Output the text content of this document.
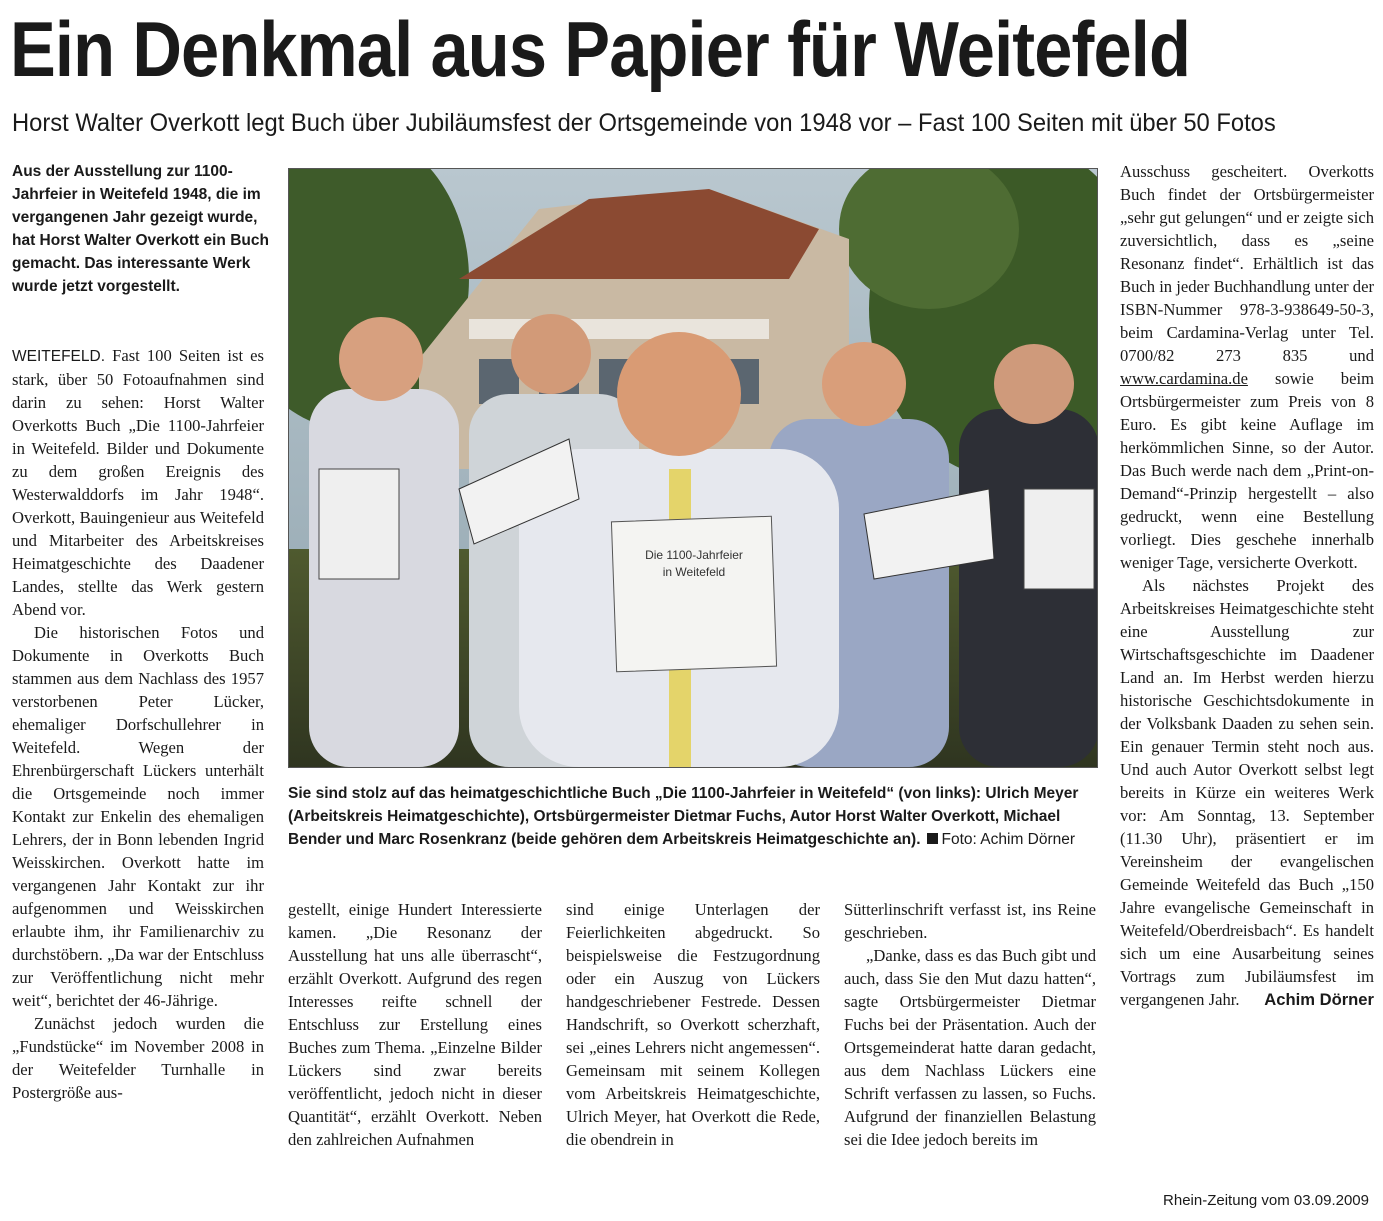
Ein Denkmal aus Papier für Weitefeld
Horst Walter Overkott legt Buch über Jubiläumsfest der Ortsgemeinde von 1948 vor – Fast 100 Seiten mit über 50 Fotos
Aus der Ausstellung zur 1100-Jahrfeier in Weitefeld 1948, die im vergangenen Jahr gezeigt wurde, hat Horst Walter Overkott ein Buch gemacht. Das interessante Werk wurde jetzt vorgestellt.

WEITEFELD. Fast 100 Seiten ist es stark, über 50 Fotoaufnahmen sind darin zu sehen: Horst Walter Overkotts Buch „Die 1100-Jahrfeier in Weitefeld. Bilder und Dokumente zu dem großen Ereignis des Westerwalddorfs im Jahr 1948“. Overkott, Bauingenieur aus Weitefeld und Mitarbeiter des Arbeitskreises Heimatgeschichte des Daadener Landes, stellte das Werk gestern Abend vor.

Die historischen Fotos und Dokumente in Overkotts Buch stammen aus dem Nachlass des 1957 verstorbenen Peter Lücker, ehemaliger Dorfschullehrer in Weitefeld. Wegen der Ehrenbürgerschaft Lückers unterhält die Ortsgemeinde noch immer Kontakt zur Enkelin des ehemaligen Lehrers, der in Bonn lebenden Ingrid Weisskirchen. Overkott hatte im vergangenen Jahr Kontakt zur ihr aufgenommen und Weisskirchen erlaubte ihm, ihr Familienarchiv zu durchstöbern. „Da war der Entschluss zur Veröffentlichung nicht mehr weit“, berichtet der 46-Jährige.

Zunächst jedoch wurden die „Fundstücke“ im November 2008 in der Weitefelder Turnhalle in Postergröße aus-

Die 1100-Jahrfeier
in Weitefeld
Sie sind stolz auf das heimatgeschichtliche Buch „Die 1100-Jahrfeier in Weitefeld“ (von links): Ulrich Meyer (Arbeitskreis Heimatgeschichte), Ortsbürgermeister Dietmar Fuchs, Autor Horst Walter Overkott, Michael Bender und Marc Rosenkranz (beide gehören dem Arbeitskreis Heimatgeschichte an). Foto: Achim Dörner

gestellt, einige Hundert Interessierte kamen. „Die Resonanz der Ausstellung hat uns alle überrascht“, erzählt Overkott. Aufgrund des regen Interesses reifte schnell der Entschluss zur Erstellung eines Buches zum Thema. „Einzelne Bilder Lückers sind zwar bereits veröffentlicht, jedoch nicht in dieser Quantität“, erzählt Overkott. Neben den zahlreichen Aufnahmen

sind einige Unterlagen der Feierlichkeiten abgedruckt. So beispielsweise die Festzugordnung oder ein Auszug von Lückers handgeschriebener Festrede. Dessen Handschrift, so Overkott scherzhaft, sei „eines Lehrers nicht angemessen“. Gemeinsam mit seinem Kollegen vom Arbeitskreis Heimatgeschichte, Ulrich Meyer, hat Overkott die Rede, die obendrein in

Sütterlinschrift verfasst ist, ins Reine geschrieben.

„Danke, dass es das Buch gibt und auch, dass Sie den Mut dazu hatten“, sagte Ortsbürgermeister Dietmar Fuchs bei der Präsentation. Auch der Ortsgemeinderat hatte daran gedacht, aus dem Nachlass Lückers eine Schrift verfassen zu lassen, so Fuchs. Aufgrund der finanziellen Belastung sei die Idee jedoch bereits im

Ausschuss gescheitert. Overkotts Buch findet der Ortsbürgermeister „sehr gut gelungen“ und er zeigte sich zuversichtlich, dass es „seine Resonanz findet“. Erhältlich ist das Buch in jeder Buchhandlung unter der ISBN-Nummer 978-3-938649-50-3, beim Cardamina-Verlag unter Tel. 0700/82 273 835 und www.cardamina.de sowie beim Ortsbürgermeister zum Preis von 8 Euro. Es gibt keine Auflage im herkömmlichen Sinne, so der Autor. Das Buch werde nach dem „Print-on-Demand“-Prinzip hergestellt – also gedruckt, wenn eine Bestellung vorliegt. Dies geschehe innerhalb weniger Tage, versicherte Overkott.

Als nächstes Projekt des Arbeitskreises Heimatgeschichte steht eine Ausstellung zur Wirtschaftsgeschichte im Daadener Land an. Im Herbst werden hierzu historische Geschichtsdokumente in der Volksbank Daaden zu sehen sein. Ein genauer Termin steht noch aus. Und auch Autor Overkott selbst legt bereits in Kürze ein weiteres Werk vor: Am Sonntag, 13. September (11.30 Uhr), präsentiert er im Vereinsheim der evangelischen Gemeinde Weitefeld das Buch „150 Jahre evangelische Gemeinschaft in Weitefeld/Oberdreisbach“. Es handelt sich um eine Ausarbeitung seines Vortrags zum Jubiläumsfest im vergangenen Jahr.	Achim Dörner

Rhein-Zeitung vom 03.09.2009
